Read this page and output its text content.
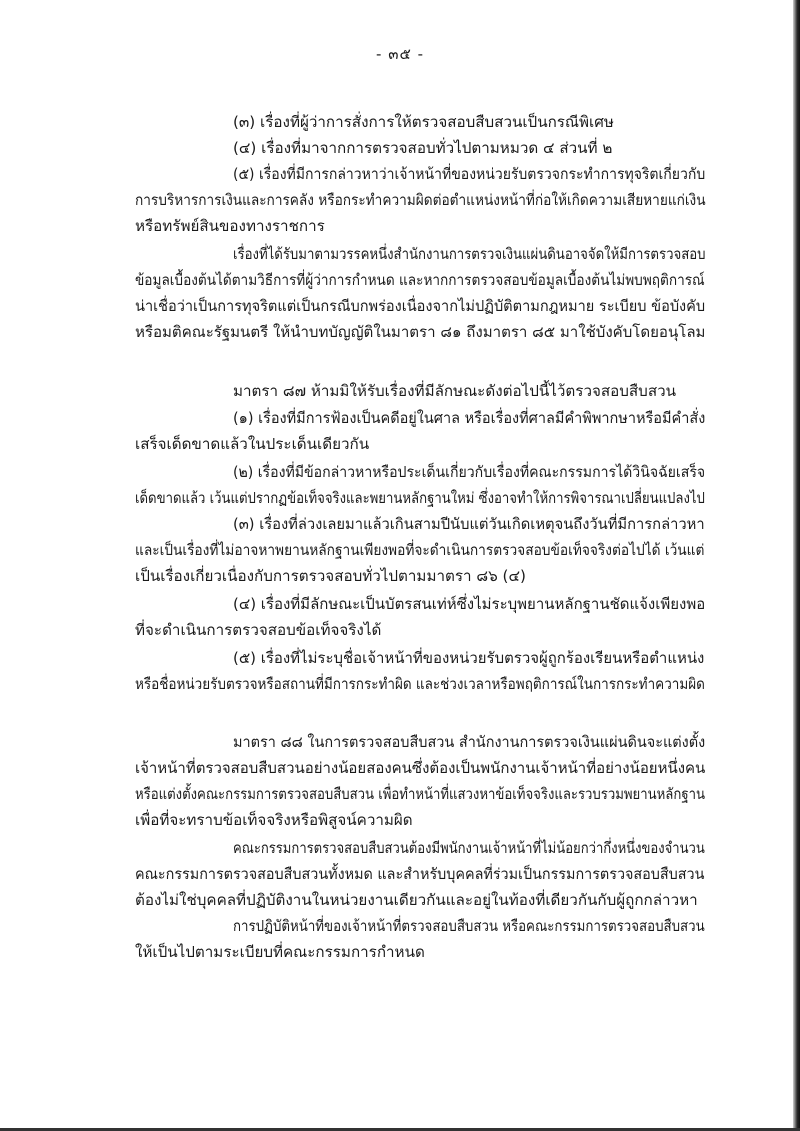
- ๓๕ -
(๓) เรื่องที่ผู้ว่าการสั่งการให้ตรวจสอบสืบสวนเป็นกรณีพิเศษ
(๔) เรื่องที่มาจากการตรวจสอบทั่วไปตามหมวด ๔ ส่วนที่ ๒
(๕) เรื่องที่มีการกล่าวหาว่าเจ้าหน้าที่ของหน่วยรับตรวจกระทำการทุจริตเกี่ยวกับ
การบริหารการเงินและการคลัง หรือกระทำความผิดต่อตำแหน่งหน้าที่ก่อให้เกิดความเสียหายแก่เงิน
หรือทรัพย์สินของทางราชการ
เรื่องที่ได้รับมาตามวรรคหนึ่งสำนักงานการตรวจเงินแผ่นดินอาจจัดให้มีการตรวจสอบ
ข้อมูลเบื้องต้นได้ตามวิธีการที่ผู้ว่าการกำหนด และหากการตรวจสอบข้อมูลเบื้องต้นไม่พบพฤติการณ์
น่าเชื่อว่าเป็นการทุจริตแต่เป็นกรณีบกพร่องเนื่องจากไม่ปฏิบัติตามกฎหมาย ระเบียบ ข้อบังคับ
หรือมติคณะรัฐมนตรี ให้นำบทบัญญัติในมาตรา ๘๑ ถึงมาตรา ๘๕ มาใช้บังคับโดยอนุโลม
มาตรา ๘๗ ห้ามมิให้รับเรื่องที่มีลักษณะดังต่อไปนี้ไว้ตรวจสอบสืบสวน
(๑) เรื่องที่มีการฟ้องเป็นคดีอยู่ในศาล หรือเรื่องที่ศาลมีคำพิพากษาหรือมีคำสั่ง
เสร็จเด็ดขาดแล้วในประเด็นเดียวกัน
(๒) เรื่องที่มีข้อกล่าวหาหรือประเด็นเกี่ยวกับเรื่องที่คณะกรรมการได้วินิจฉัยเสร็จ
เด็ดขาดแล้ว เว้นแต่ปรากฏข้อเท็จจริงและพยานหลักฐานใหม่ ซึ่งอาจทำให้การพิจารณาเปลี่ยนแปลงไป
(๓) เรื่องที่ล่วงเลยมาแล้วเกินสามปีนับแต่วันเกิดเหตุจนถึงวันที่มีการกล่าวหา
และเป็นเรื่องที่ไม่อาจหาพยานหลักฐานเพียงพอที่จะดำเนินการตรวจสอบข้อเท็จจริงต่อไปได้ เว้นแต่
เป็นเรื่องเกี่ยวเนื่องกับการตรวจสอบทั่วไปตามมาตรา ๘๖ (๔)
(๔) เรื่องที่มีลักษณะเป็นบัตรสนเท่ห์ซึ่งไม่ระบุพยานหลักฐานชัดแจ้งเพียงพอ
ที่จะดำเนินการตรวจสอบข้อเท็จจริงได้
(๕) เรื่องที่ไม่ระบุชื่อเจ้าหน้าที่ของหน่วยรับตรวจผู้ถูกร้องเรียนหรือตำแหน่ง
หรือชื่อหน่วยรับตรวจหรือสถานที่มีการกระทำผิด และช่วงเวลาหรือพฤติการณ์ในการกระทำความผิด
มาตรา ๘๘ ในการตรวจสอบสืบสวน สำนักงานการตรวจเงินแผ่นดินจะแต่งตั้ง
เจ้าหน้าที่ตรวจสอบสืบสวนอย่างน้อยสองคนซึ่งต้องเป็นพนักงานเจ้าหน้าที่อย่างน้อยหนึ่งคน
หรือแต่งตั้งคณะกรรมการตรวจสอบสืบสวน เพื่อทำหน้าที่แสวงหาข้อเท็จจริงและรวบรวมพยานหลักฐาน
เพื่อที่จะทราบข้อเท็จจริงหรือพิสูจน์ความผิด
คณะกรรมการตรวจสอบสืบสวนต้องมีพนักงานเจ้าหน้าที่ไม่น้อยกว่ากึ่งหนึ่งของจำนวน
คณะกรรมการตรวจสอบสืบสวนทั้งหมด และสำหรับบุคคลที่ร่วมเป็นกรรมการตรวจสอบสืบสวน
ต้องไม่ใช่บุคคลที่ปฏิบัติงานในหน่วยงานเดียวกันและอยู่ในท้องที่เดียวกันกับผู้ถูกกล่าวหา
การปฏิบัติหน้าที่ของเจ้าหน้าที่ตรวจสอบสืบสวน หรือคณะกรรมการตรวจสอบสืบสวน
ให้เป็นไปตามระเบียบที่คณะกรรมการกำหนด
